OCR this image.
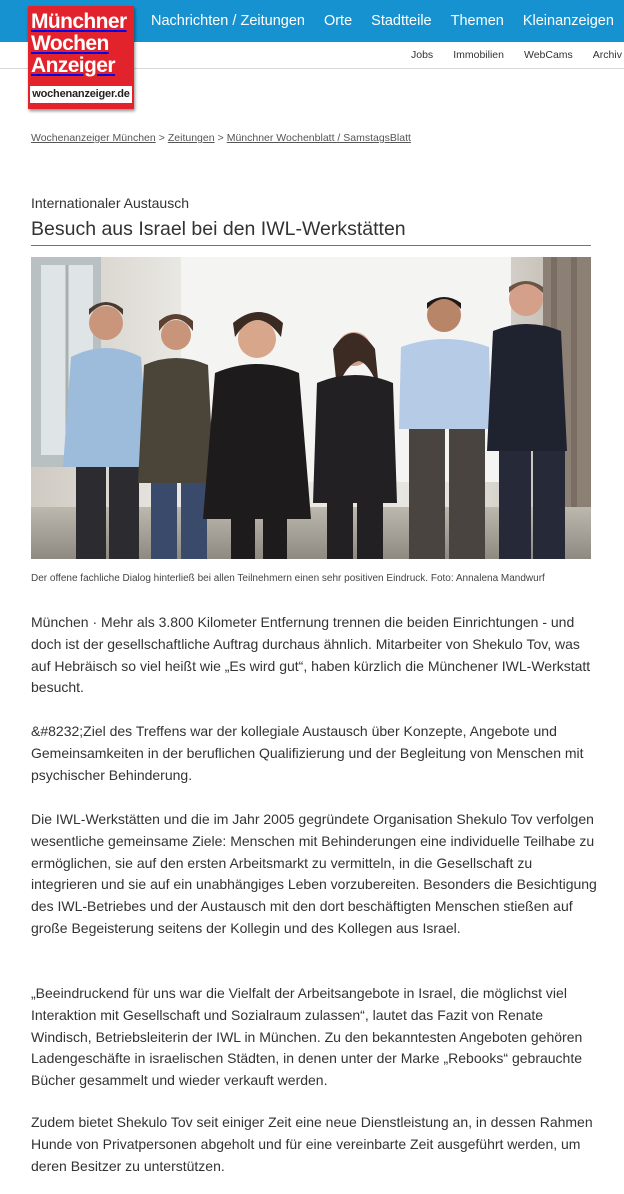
Nachrichten / Zeitungen Orte Stadtteile Themen Kleinanzeigen
Jobs Immobilien WebCams Archiv
Münchner
Wochen
Anzeiger
wochenanzeiger.de
Wochenanzeiger München > Zeitungen > Münchner Wochenblatt / SamstagsBlatt
Internationaler Austausch
Besuch aus Israel bei den IWL-Werkstätten
Der offene fachliche Dialog hinterließ bei allen Teilnehmern einen sehr positiven Eindruck. Foto: Annalena Mandwurf

München · Mehr als 3.800 Kilometer Entfernung trennen die beiden Einrichtungen - und doch ist der gesellschaftliche Auftrag durchaus ähnlich. Mitarbeiter von Shekulo Tov, was auf Hebräisch so viel heißt wie „Es wird gut“, haben kürzlich die Münchener IWL-Werkstatt besucht.

&#8232;Ziel des Treffens war der kollegiale Austausch über Konzepte, Angebote und Gemeinsamkeiten in der beruflichen Qualifizierung und der Begleitung von Menschen mit psychischer Behinderung.

Die IWL-Werkstätten und die im Jahr 2005 gegründete Organisation Shekulo Tov verfolgen wesentliche gemeinsame Ziele: Menschen mit Behinderungen eine individuelle Teilhabe zu ermöglichen, sie auf den ersten Arbeitsmarkt zu vermitteln, in die Gesellschaft zu integrieren und sie auf ein unabhängiges Leben vorzubereiten. Besonders die Besichtigung des IWL-Betriebes und der Austausch mit den dort beschäftigten Menschen stießen auf große Begeisterung seitens der Kollegin und des Kollegen aus Israel.

„Beeindruckend für uns war die Vielfalt der Arbeitsangebote in Israel, die möglichst viel Interaktion mit Gesellschaft und Sozialraum zulassen“, lautet das Fazit von Renate Windisch, Betriebsleiterin der IWL in München. Zu den bekanntesten Angeboten gehören Ladengeschäfte in israelischen Städten, in denen unter der Marke „Rebooks“ gebrauchte Bücher gesammelt und wieder verkauft werden.

Zudem bietet Shekulo Tov seit einiger Zeit eine neue Dienstleistung an, in dessen Rahmen Hunde von Privatpersonen abgeholt und für eine vereinbarte Zeit ausgeführt werden, um deren Besitzer zu unterstützen.
